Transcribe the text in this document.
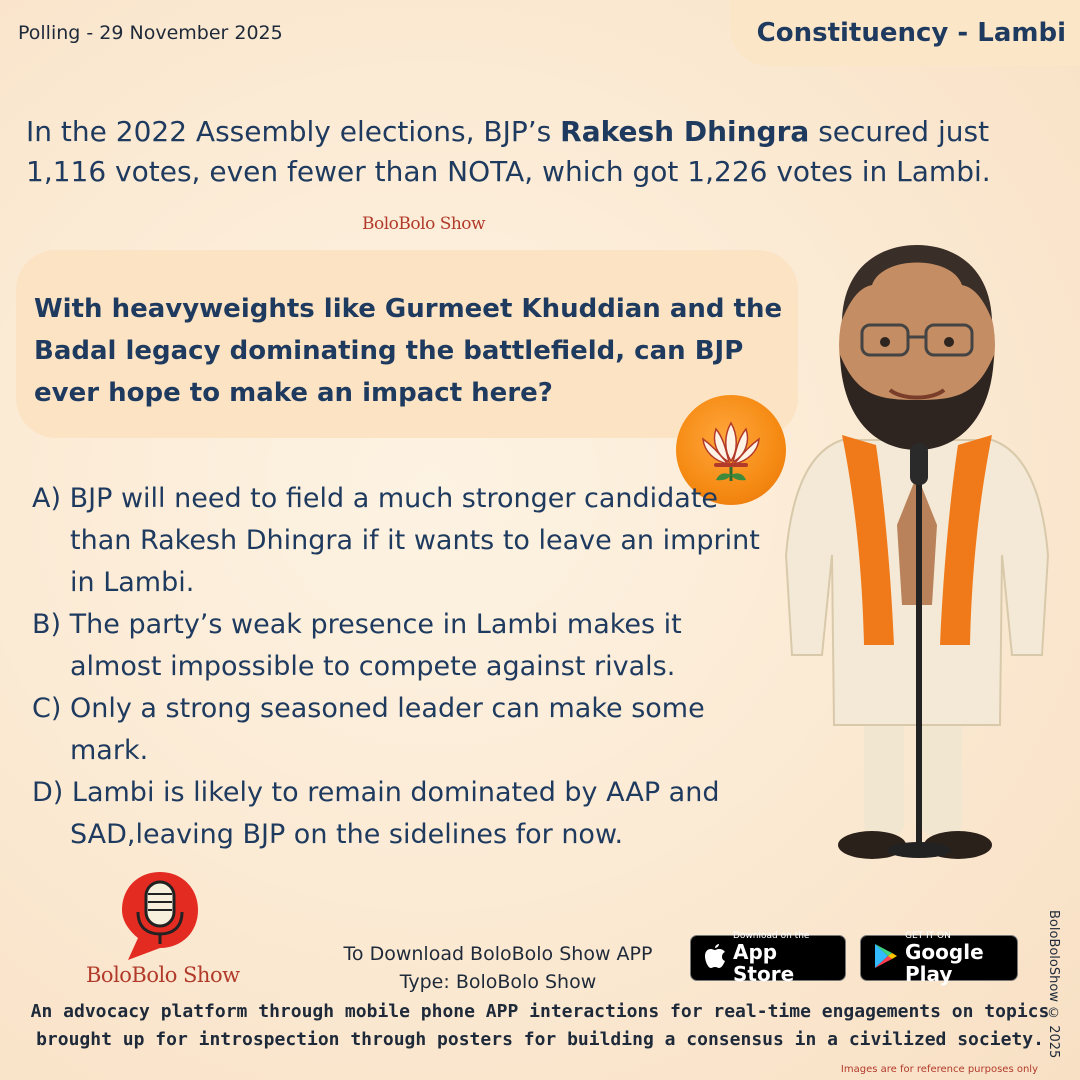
Polling - 29 November 2025	Constituency - Lambi
In the 2022 Assembly elections, BJP’s Rakesh Dhingra secured just 1,116 votes, even fewer than NOTA, which got 1,226 votes in Lambi.
BoloBolo Show
With heavyweights like Gurmeet Khuddian and the Badal legacy dominating the battlefield, can BJP ever hope to make an impact here?
A) BJP will need to field a much stronger candidate than Rakesh Dhingra if it wants to leave an imprint in Lambi.
B) The party’s weak presence in Lambi makes it almost impossible to compete against rivals.
C) Only a strong seasoned leader can make some mark.
D) Lambi is likely to remain dominated by AAP and SAD,leaving BJP on the sidelines for now.
BoloBolo Show
To Download BoloBolo Show APP
Type: BoloBolo Show
Download on the
App Store
GET IT ON
Google Play
An advocacy platform through mobile phone APP interactions for real-time engagements on topics brought up for introspection through posters for building a consensus in a civilized society. BoloBoloShow © 2025
Images are for reference purposes only
